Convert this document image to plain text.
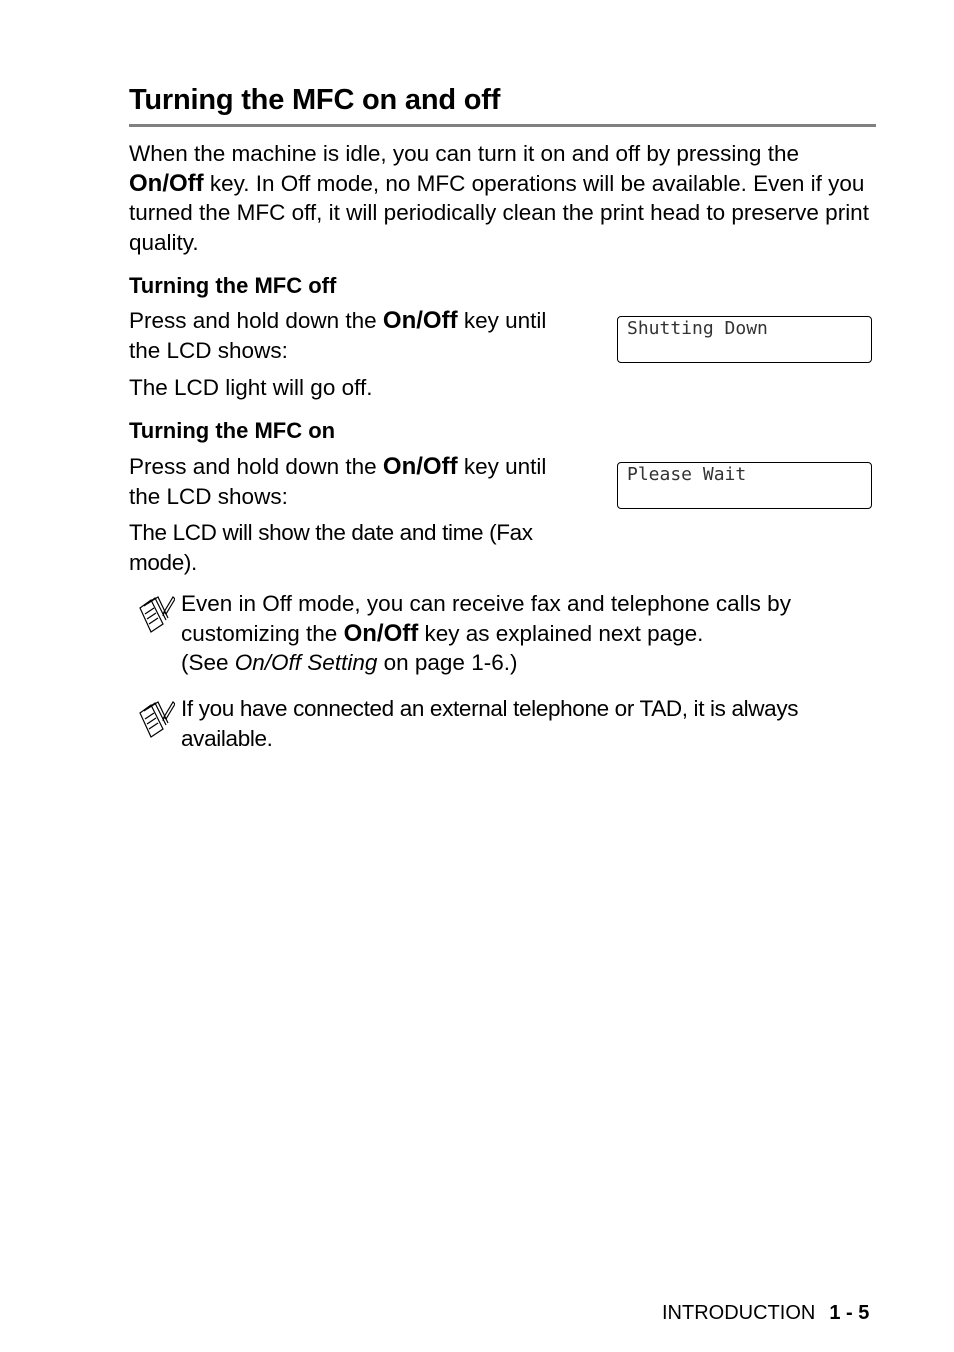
Turning the MFC on and off

When the machine is idle, you can turn it on and off by pressing the
On/Off key. In Off mode, no MFC operations will be available. Even if you turned the MFC off, it will periodically clean the print head to preserve print quality.

Turning the MFC off

Press and hold down the On/Off key until the LCD shows:

The LCD light will go off.

Shutting Down
Turning the MFC on

Press and hold down the On/Off key until the LCD shows:

The LCD will show the date and time (Fax mode).

Please Wait

Even in Off mode, you can receive fax and telephone calls by
customizing the On/Off key as explained next page.
(See On/Off Setting on page 1-6.)

If you have connected an external telephone or TAD, it is always available.

INTRODUCTION 1 - 5
